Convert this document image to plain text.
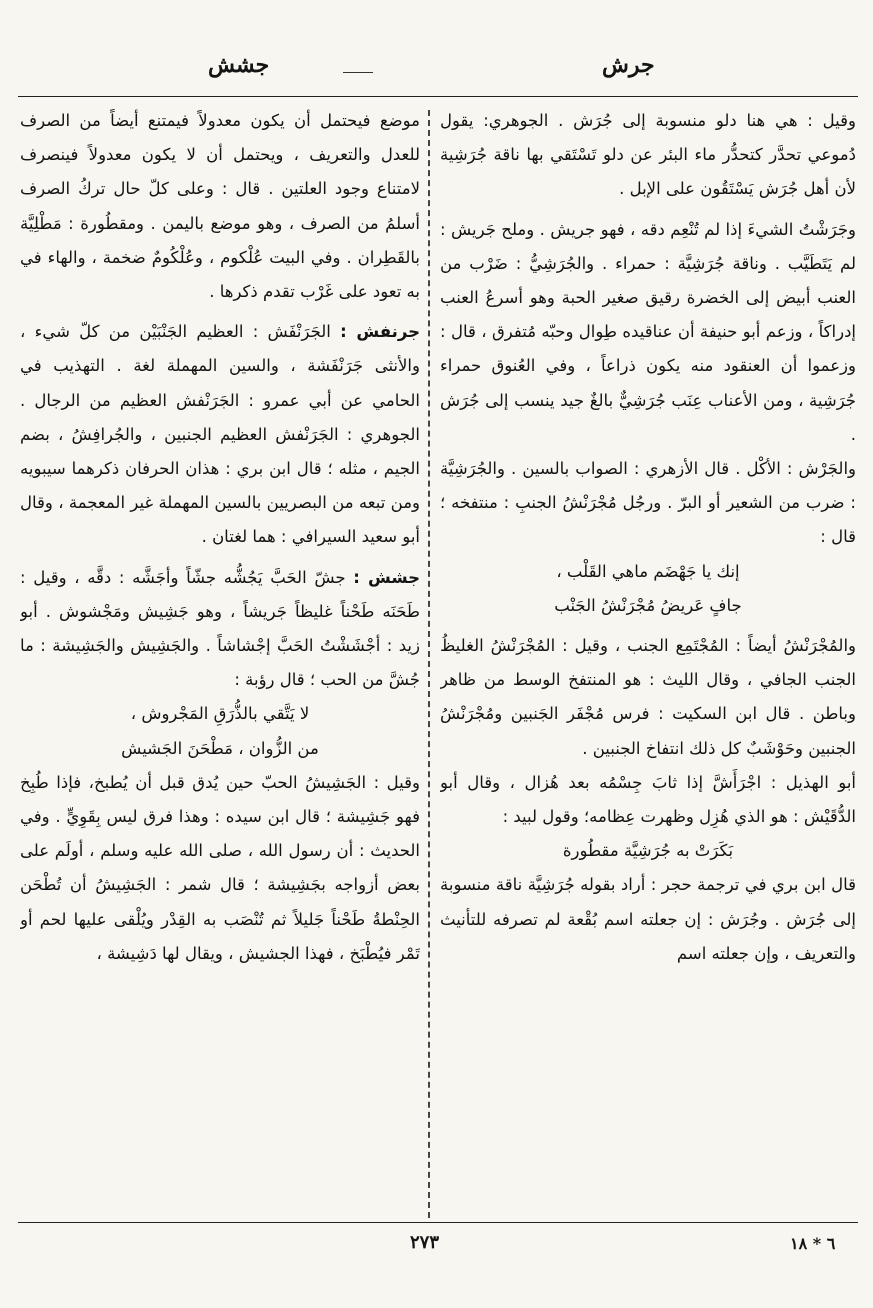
جرش
جشش

وقيل : هي هنا دلو منسوبة إلى جُرَش . الجوهري: يقول دُموعي تحدَّر كتحدُّر ماء البئر عن دلو تَسْتَقي بها ناقة جُرَشِية لأن أهل جُرَش يَسْتَقُون على الإبل .

وجَرَشْتُ الشيءَ إذا لم تُنْعِم دقه ، فهو جريش . وملح جَريش : لم يَتَطَيَّب . وناقة جُرَشِيَّة : حمراء . والجُرَشِيُّ : ضَرْب من العنب أبيض إلى الخضرة رقيق صغير الحبة وهو أسرعُ العنب إدراكاً ، وزعم أبو حنيفة أن عناقيده طِوال وحبّه مُتفرق ، قال : وزعموا أن العنقود منه يكون ذراعاً ، وفي العُنوق حمراء جُرَشِية ، ومن الأعناب عِنَب جُرَشِيٌّ بالغٌ جيد ينسب إلى جُرَش .

والجَرْش : الأكْل . قال الأزهري : الصواب بالسين . والجُرَشِيَّة : ضرب من الشعير أو البرّ . ورجُل مُجْرَنْشُ الجنبِ : منتفخه ؛ قال :

إنك يا جَهْضَم ماهي القَلْب ،

جافٍ عَريضُ مُجْرَنْشُ الجَنْب

والمُجْرَنْشُ أيضاً : المُجْتَمِع الجنب ، وقيل : المُجْرَنْشُ الغليظُ الجنب الجافي ، وقال الليث : هو المنتفخ الوسط من ظاهر وباطن . قال ابن السكيت : فرس مُجْفَر الجَنبين ومُجْرَنْشُ الجنبين وحَوْشَبٌ كل ذلك انتفاخ الجنبين .

أبو الهذيل : اجْرَأَشَّ إذا ثابَ جِسْمُه بعد هُزال ، وقال أبو الدُّقَيْش : هو الذي هُزِل وظهرت عِظامه؛ وقول لبيد :

بَكَرَتْ به جُرَشِيَّة مقطُورة

قال ابن بري في ترجمة حجر : أراد بقوله جُرَشِيَّة ناقة منسوبة إلى جُرَش . وجُرَش : إن جعلته اسم بُقْعة لم تصرفه للتأنيث والتعريف ، وإن جعلته اسم

موضع فيحتمل أن يكون معدولاً فيمتنع أيضاً من الصرف للعدل والتعريف ، ويحتمل أن لا يكون معدولاً فينصرف لامتناع وجود العلتين . قال : وعلى كلّ حال تركُ الصرف أسلمُ من الصرف ، وهو موضع باليمن . ومقطُورة : مَطْلِيَّة بالقَطِران . وفي البيت عُلْكوم ، وعُلْكُومٌ ضخمة ، والهاء في به تعود على غَرْب تقدم ذكرها .

جرنفش : الجَرَنْفَش : العظيم الجَنْبَيْن من كلّ شيء ، والأنثى جَرَنْفَشة ، والسين المهملة لغة . التهذيب في الحامي عن أبي عمرو : الجَرَنْفش العظيم من الرجال . الجوهري : الجَرَنْفش العظيم الجنبين ، والجُرافِشُ ، بضم الجيم ، مثله ؛ قال ابن بري : هذان الحرفان ذكرهما سيبويه ومن تبعه من البصريين بالسين المهملة غير المعجمة ، وقال أبو سعيد السيرافي : هما لغتان .

جشش : جشّ الحَبَّ يَجُشُّه جشّاً وأجَشَّه : دقَّه ، وقيل : طَحَنَه طَحْناً غليظاً جَريشاً ، وهو جَشِيش ومَجْشوش . أبو زيد : أجْشَشْتُ الحَبَّ إجْشاشاً . والجَشِيش والجَشِيشة : ما جُشَّ من الحب ؛ قال رؤبة :

لا يَتَّقي بالذُّرَقِ المَجْروش ،

من الزُّوان ، مَطْحَنَ الجَشيش

وقيل : الجَشِيشُ الحبّ حين يُدق قبل أن يُطبخ، فإذا طُبِخ فهو جَشِيشة ؛ قال ابن سيده : وهذا فرق ليس بِقَوِيٍّ . وفي الحديث : أن رسول الله ، صلى الله عليه وسلم ، أولَم على بعض أزواجه بجَشِيشة ؛ قال شمر : الجَشِيشُ أن تُطْحَن الحِنْطةُ طَحْناً جَليلاً ثم تُنْصَب به القِدْر ويُلْقى عليها لحم أو تَمْر فيُطْبَخ ، فهذا الجشيش ، ويقال لها دَشِيشة ،

٢٧٣	٦ * ١٨
